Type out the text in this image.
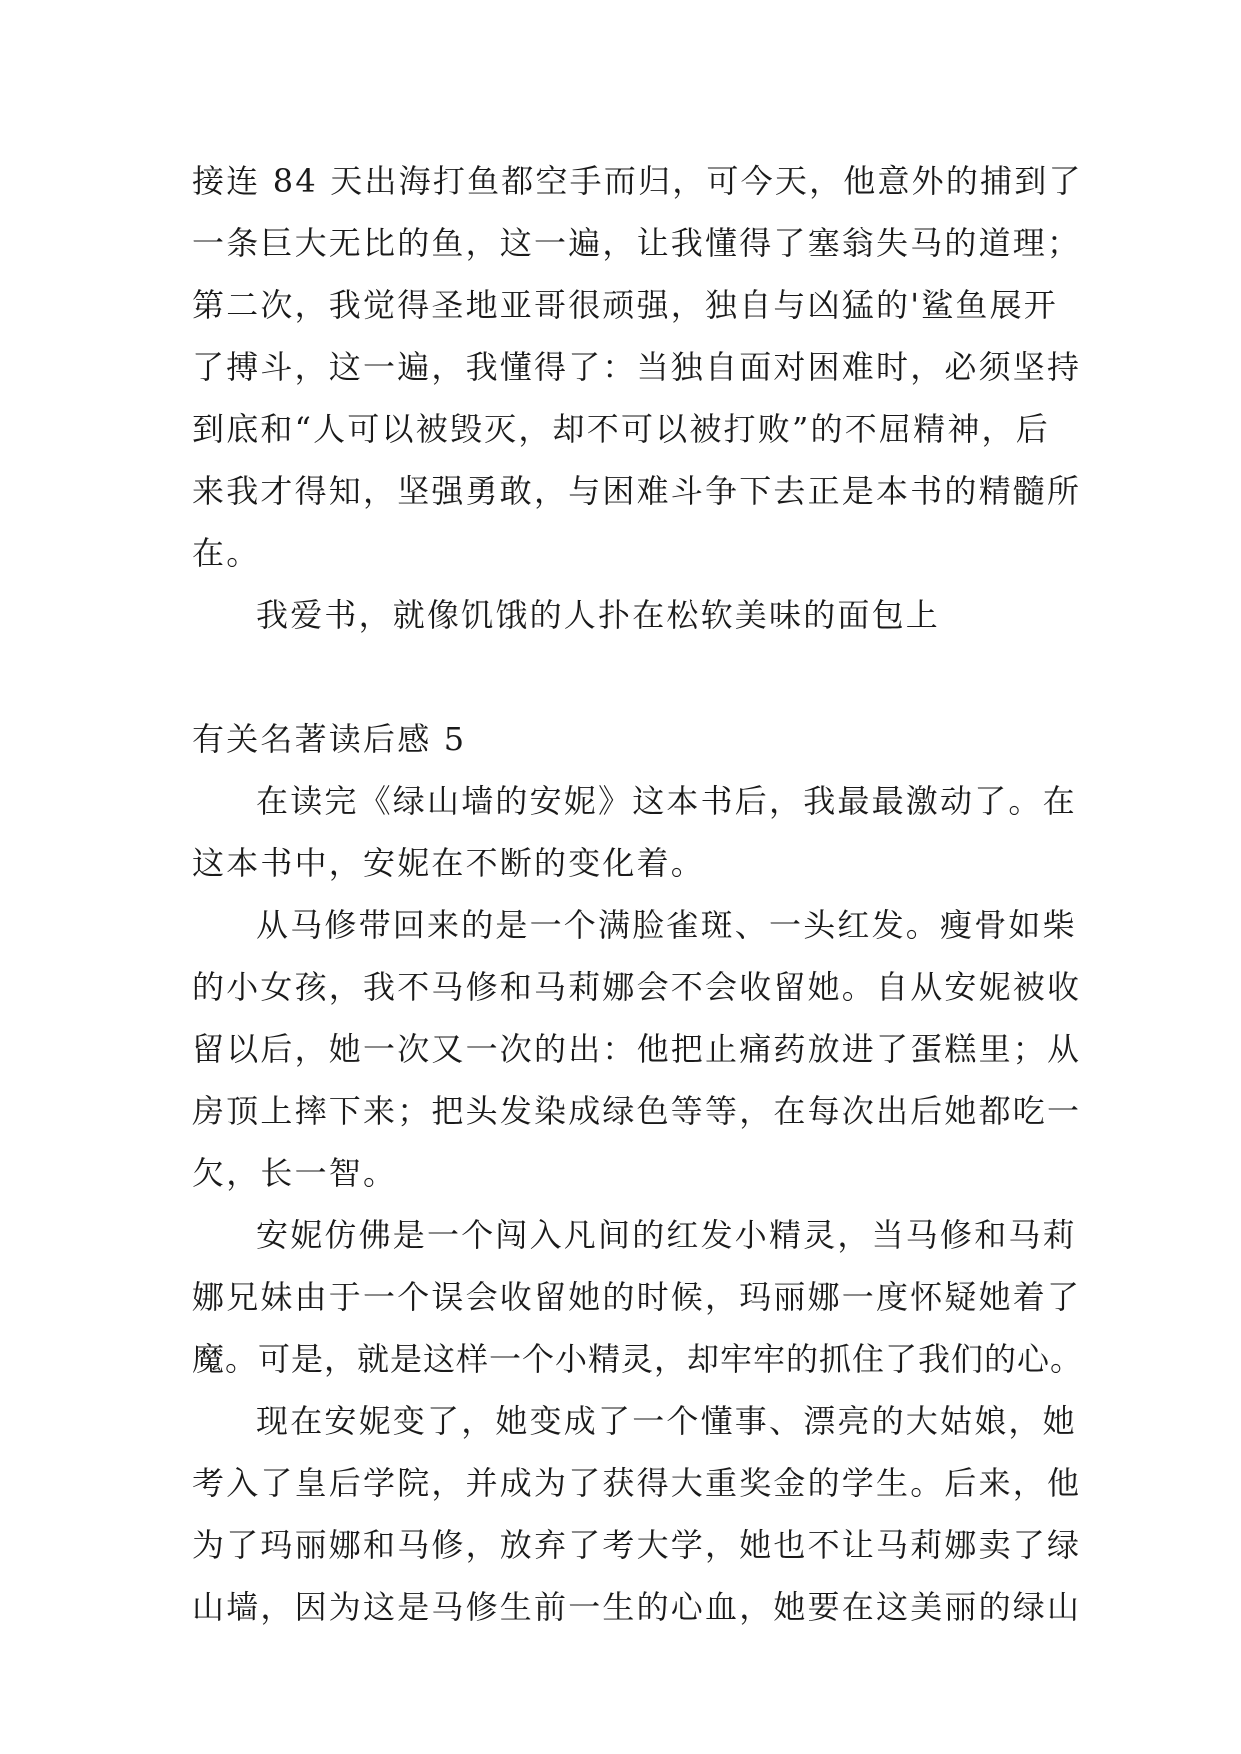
接连 84 天出海打鱼都空手而归，可今天，他意外的捕到了
一条巨大无比的鱼，这一遍，让我懂得了塞翁失马的道理；
第二次，我觉得圣地亚哥很顽强，独自与凶猛的'鲨鱼展开
了搏斗，这一遍，我懂得了：当独自面对困难时，必须坚持
到底和“人可以被毁灭，却不可以被打败”的不屈精神，后
来我才得知，坚强勇敢，与困难斗争下去正是本书的精髓所
在。
我爱书，就像饥饿的人扑在松软美味的面包上
有关名著读后感 5
在读完《绿山墙的安妮》这本书后，我最最激动了。在
这本书中，安妮在不断的变化着。
从马修带回来的是一个满脸雀斑、一头红发。瘦骨如柴
的小女孩，我不马修和马莉娜会不会收留她。自从安妮被收
留以后，她一次又一次的出：他把止痛药放进了蛋糕里；从
房顶上摔下来；把头发染成绿色等等，在每次出后她都吃一
欠，长一智。
安妮仿佛是一个闯入凡间的红发小精灵，当马修和马莉
娜兄妹由于一个误会收留她的时候，玛丽娜一度怀疑她着了
魔。可是，就是这样一个小精灵，却牢牢的抓住了我们的心。
现在安妮变了，她变成了一个懂事、漂亮的大姑娘，她
考入了皇后学院，并成为了获得大重奖金的学生。后来，他
为了玛丽娜和马修，放弃了考大学，她也不让马莉娜卖了绿
山墙，因为这是马修生前一生的心血，她要在这美丽的绿山
